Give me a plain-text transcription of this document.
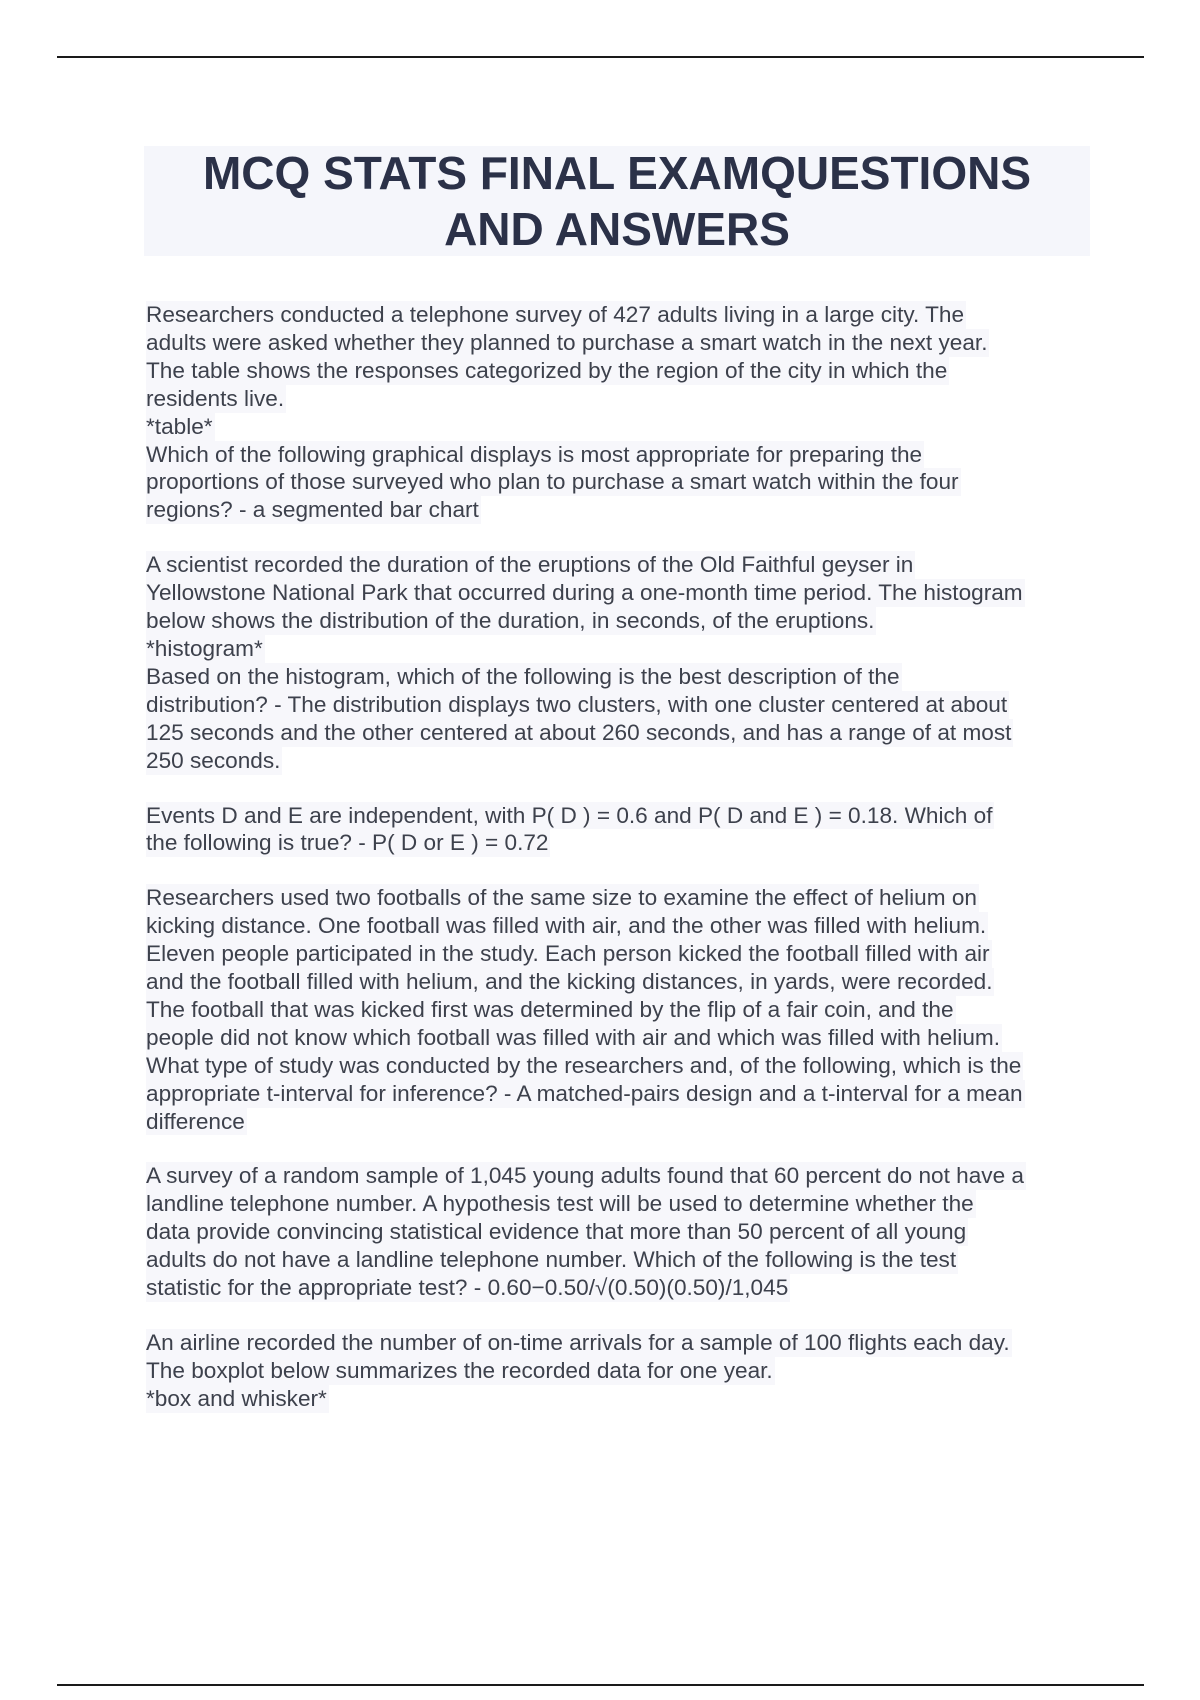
MCQ STATS FINAL EXAMQUESTIONS
AND ANSWERS
Researchers conducted a telephone survey of 427 adults living in a large city. The
adults were asked whether they planned to purchase a smart watch in the next year.
The table shows the responses categorized by the region of the city in which the
residents live.
*table*
Which of the following graphical displays is most appropriate for preparing the
proportions of those surveyed who plan to purchase a smart watch within the four
regions? - a segmented bar chart
A scientist recorded the duration of the eruptions of the Old Faithful geyser in
Yellowstone National Park that occurred during a one-month time period. The histogram
below shows the distribution of the duration, in seconds, of the eruptions.
*histogram*
Based on the histogram, which of the following is the best description of the
distribution? - The distribution displays two clusters, with one cluster centered at about
125 seconds and the other centered at about 260 seconds, and has a range of at most
250 seconds.
Events D and E are independent, with P( D ) = 0.6 and P( D and E ) = 0.18. Which of
the following is true? - P( D or E ) = 0.72
Researchers used two footballs of the same size to examine the effect of helium on
kicking distance. One football was filled with air, and the other was filled with helium.
Eleven people participated in the study. Each person kicked the football filled with air
and the football filled with helium, and the kicking distances, in yards, were recorded.
The football that was kicked first was determined by the flip of a fair coin, and the
people did not know which football was filled with air and which was filled with helium.
What type of study was conducted by the researchers and, of the following, which is the
appropriate t-interval for inference? - A matched-pairs design and a t-interval for a mean
difference
A survey of a random sample of 1,045 young adults found that 60 percent do not have a
landline telephone number. A hypothesis test will be used to determine whether the
data provide convincing statistical evidence that more than 50 percent of all young
adults do not have a landline telephone number. Which of the following is the test
statistic for the appropriate test? - 0.60−0.50/√(0.50)(0.50)/1,045
An airline recorded the number of on-time arrivals for a sample of 100 flights each day.
The boxplot below summarizes the recorded data for one year.
*box and whisker*
